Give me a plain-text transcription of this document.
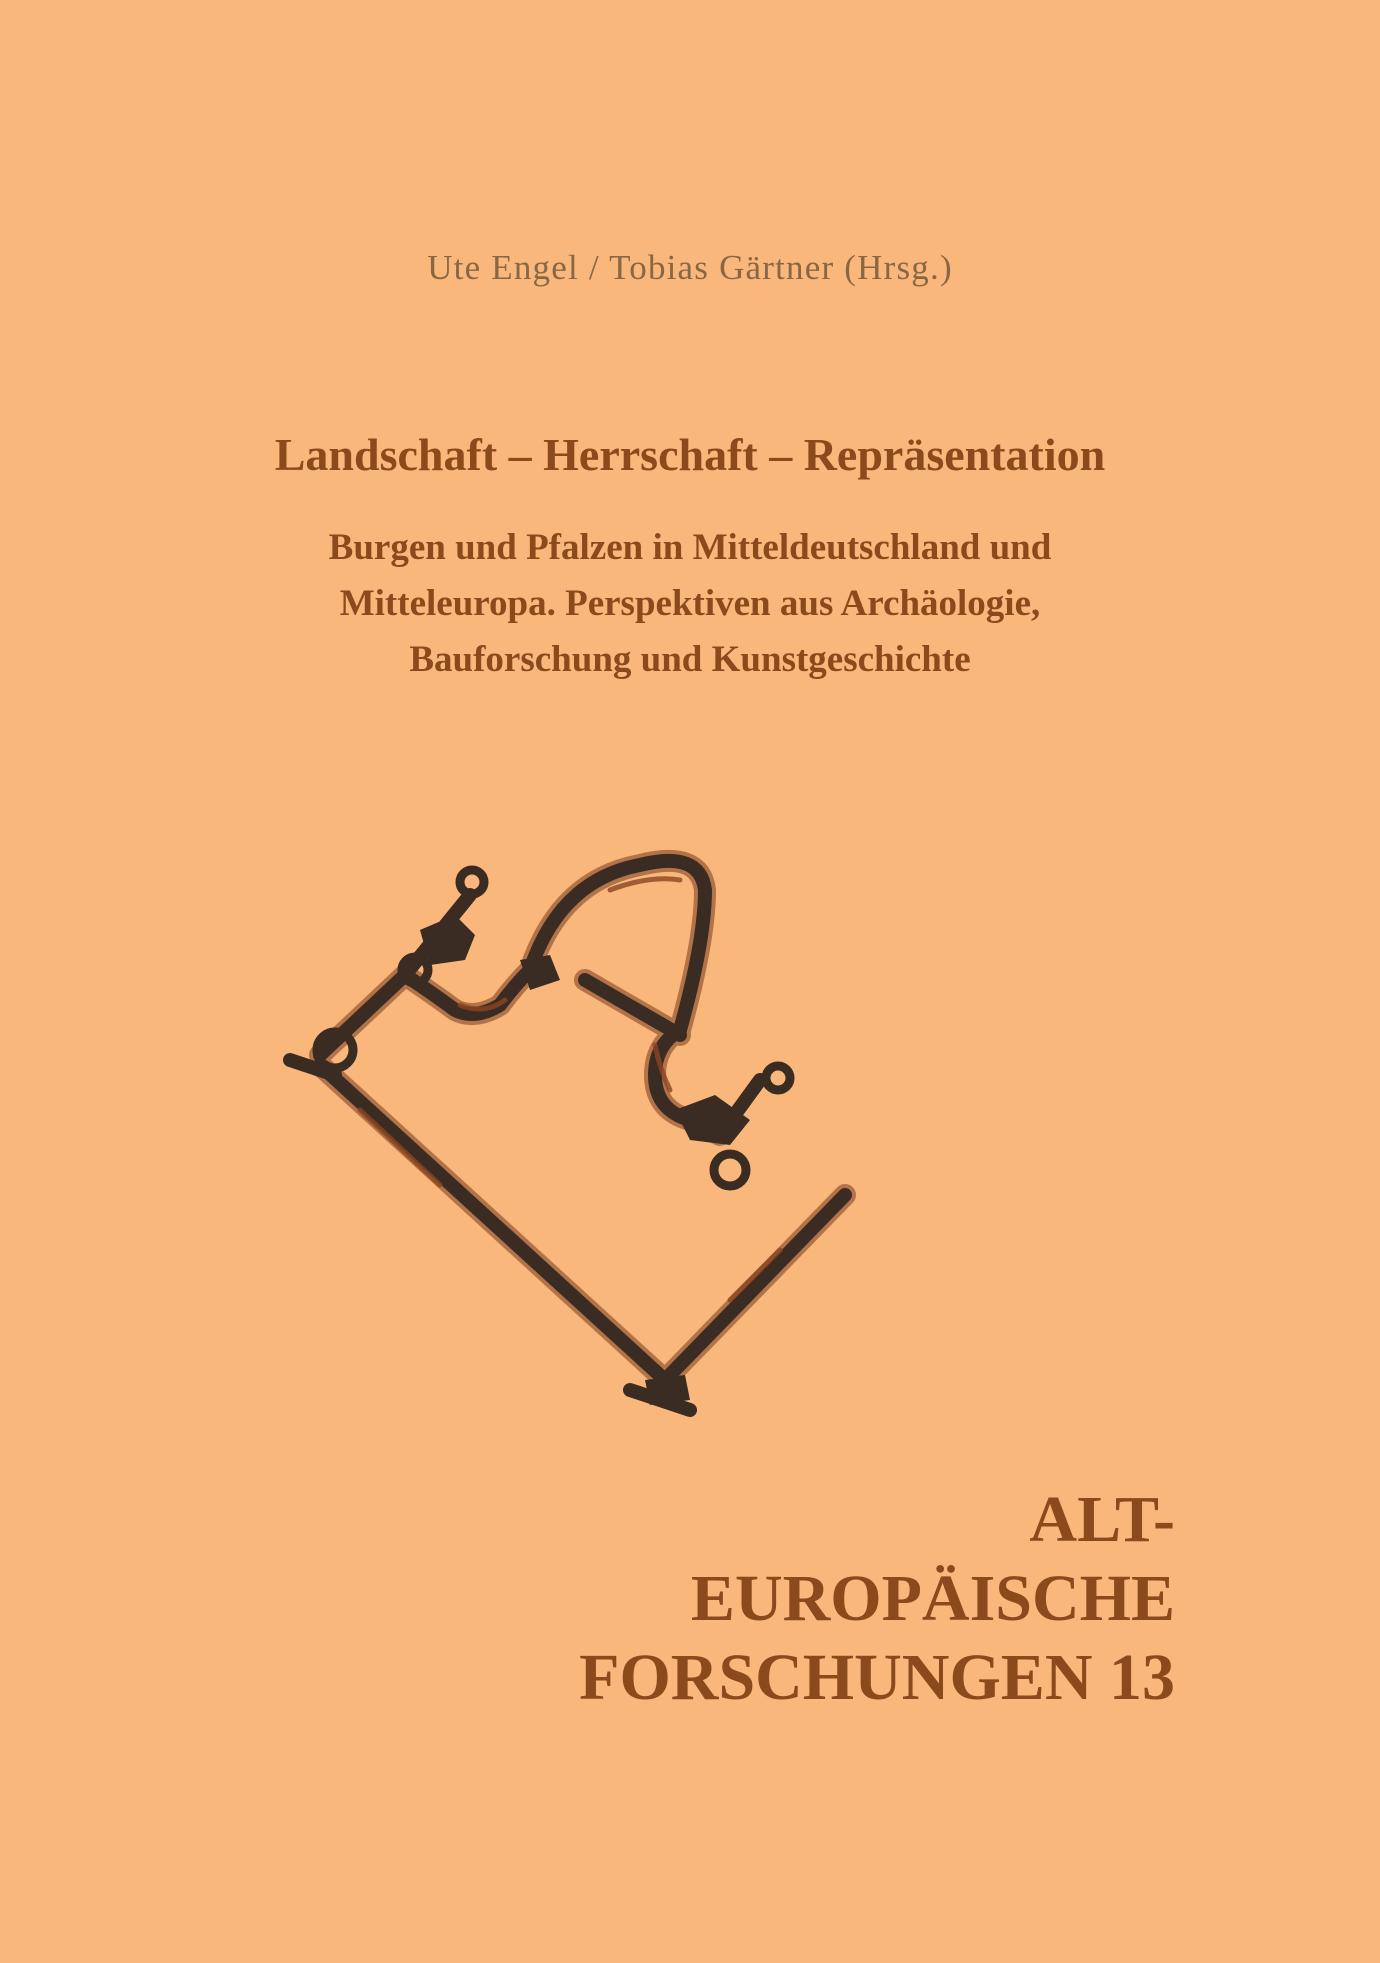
Ute Engel / Tobias Gärtner (Hrsg.)
Landschaft – Herrschaft – Repräsentation
Burgen und Pfalzen in Mitteldeutschland und
Mitteleuropa. Perspektiven aus Archäologie,
Bauforschung und Kunstgeschichte
ALT-
EUROPÄISCHE
FORSCHUNGEN 13
